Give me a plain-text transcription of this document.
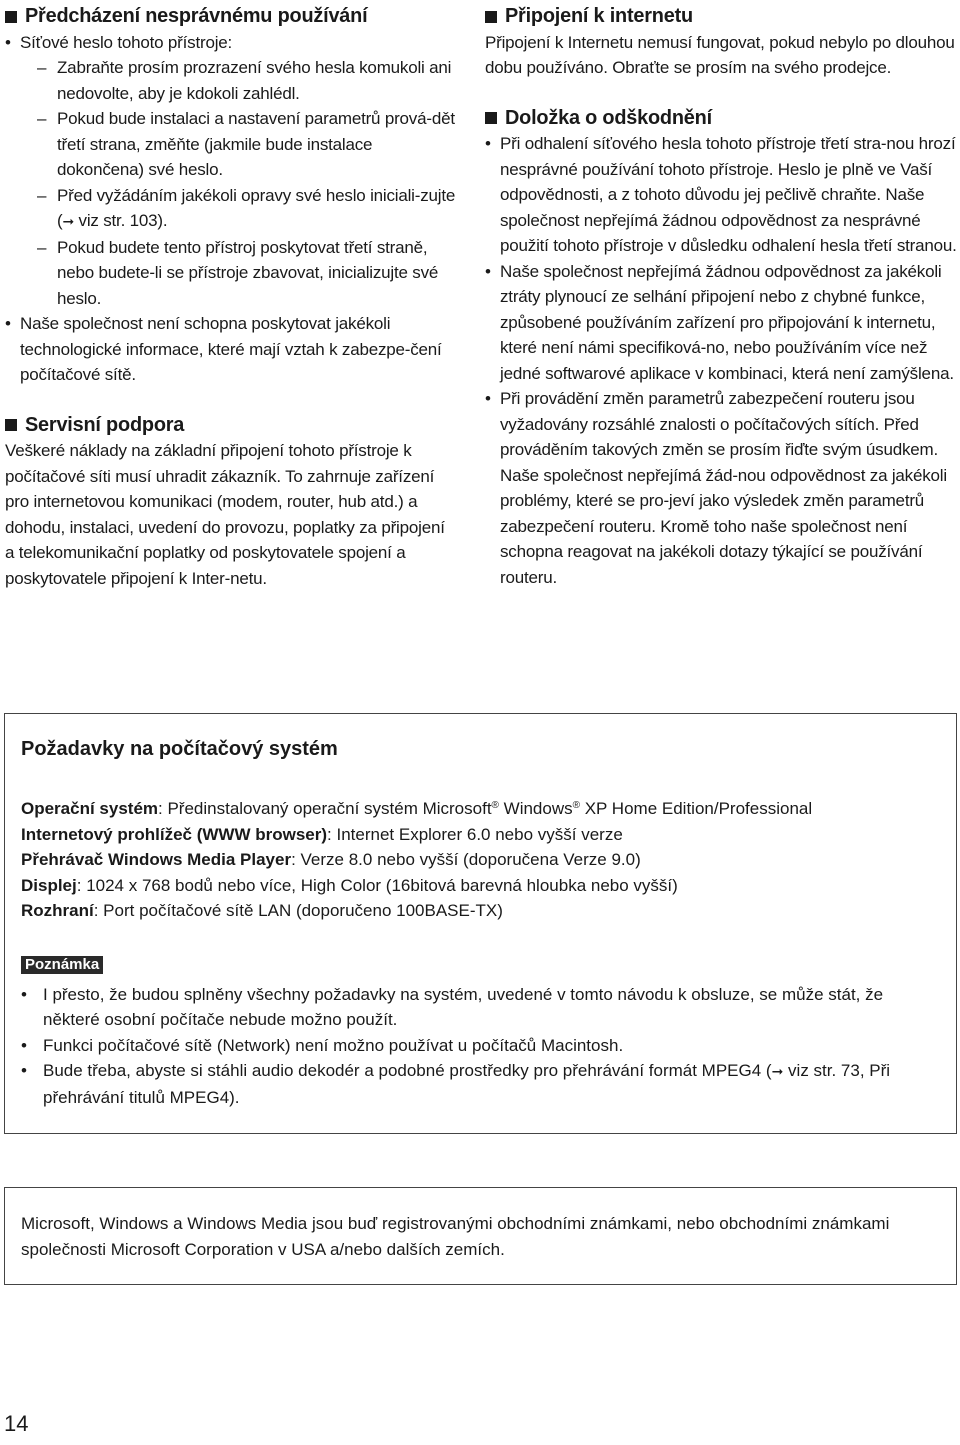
Předcházení nesprávnému používání
• Síťové heslo tohoto přístroje:
– Zabraňte prosím prozrazení svého hesla komukoli ani nedovolte, aby je kdokoli zahlédl.
– Pokud bude instalaci a nastavení parametrů prová-dět třetí strana, změňte (jakmile bude instalace dokončena) své heslo.
– Před vyžádáním jakékoli opravy své heslo iniciali-zujte (➞ viz str. 103).
– Pokud budete tento přístroj poskytovat třetí straně, nebo budete-li se přístroje zbavovat, inicializujte své heslo.
• Naše společnost není schopna poskytovat jakékoli technologické informace, které mají vztah k zabezpe-čení počítačové sítě.
Servisní podpora

Veškeré náklady na základní připojení tohoto přístroje k počítačové síti musí uhradit zákazník. To zahrnuje zařízení pro internetovou komunikaci (modem, router, hub atd.) a dohodu, instalaci, uvedení do provozu, poplatky za připojení a telekomunikační poplatky od poskytovatele spojení a poskytovatele připojení k Inter-netu.

Připojení k internetu

Připojení k Internetu nemusí fungovat, pokud nebylo po dlouhou dobu používáno. Obraťte se prosím na svého prodejce.

Doložka o odškodnění
• Při odhalení síťového hesla tohoto přístroje třetí stra-nou hrozí nesprávné používání tohoto přístroje. Heslo je plně ve Vaší odpovědnosti, a z tohoto důvodu jej pečlivě chraňte. Naše společnost nepřejímá žádnou odpovědnost za nesprávné použití tohoto přístroje v důsledku odhalení hesla třetí stranou.
• Naše společnost nepřejímá žádnou odpovědnost za jakékoli ztráty plynoucí ze selhání připojení nebo z chybné funkce, způsobené používáním zařízení pro připojování k internetu, které není námi specifiková-no, nebo používáním více než jedné softwarové aplikace v kombinaci, která není zamýšlena.
• Při provádění změn parametrů zabezpečení routeru jsou vyžadovány rozsáhlé znalosti o počítačových sítích. Před prováděním takových změn se prosím řiďte svým úsudkem. Naše společnost nepřejímá žád-nou odpovědnost za jakékoli problémy, které se pro-jeví jako výsledek změn parametrů zabezpečení routeru. Kromě toho naše společnost není schopna reagovat na jakékoli dotazy týkající se používání routeru.
Požadavky na počítačový systém
Operační systém: Předinstalovaný operační systém Microsoft® Windows® XP Home Edition/Professional
Internetový prohlížeč (WWW browser): Internet Explorer 6.0 nebo vyšší verze
Přehrávač Windows Media Player: Verze 8.0 nebo vyšší (doporučena Verze 9.0)
Displej: 1024 x 768 bodů nebo více, High Color (16bitová barevná hloubka nebo vyšší)
Rozhraní: Port počítačové sítě LAN (doporučeno 100BASE-TX)
Poznámka
• I přesto, že budou splněny všechny požadavky na systém, uvedené v tomto návodu k obsluze, se může stát, že některé osobní počítače nebude možno použít.
• Funkci počítačové sítě (Network) není možno používat u počítačů Macintosh.
• Bude třeba, abyste si stáhli audio dekodér a podobné prostředky pro přehrávání formát MPEG4 (➞ viz str. 73, Při přehrávání titulů MPEG4).

Microsoft, Windows a Windows Media jsou buď registrovanými obchodními známkami, nebo obchodními známkami společnosti Microsoft Corporation v USA a/nebo dalších zemích.

14
